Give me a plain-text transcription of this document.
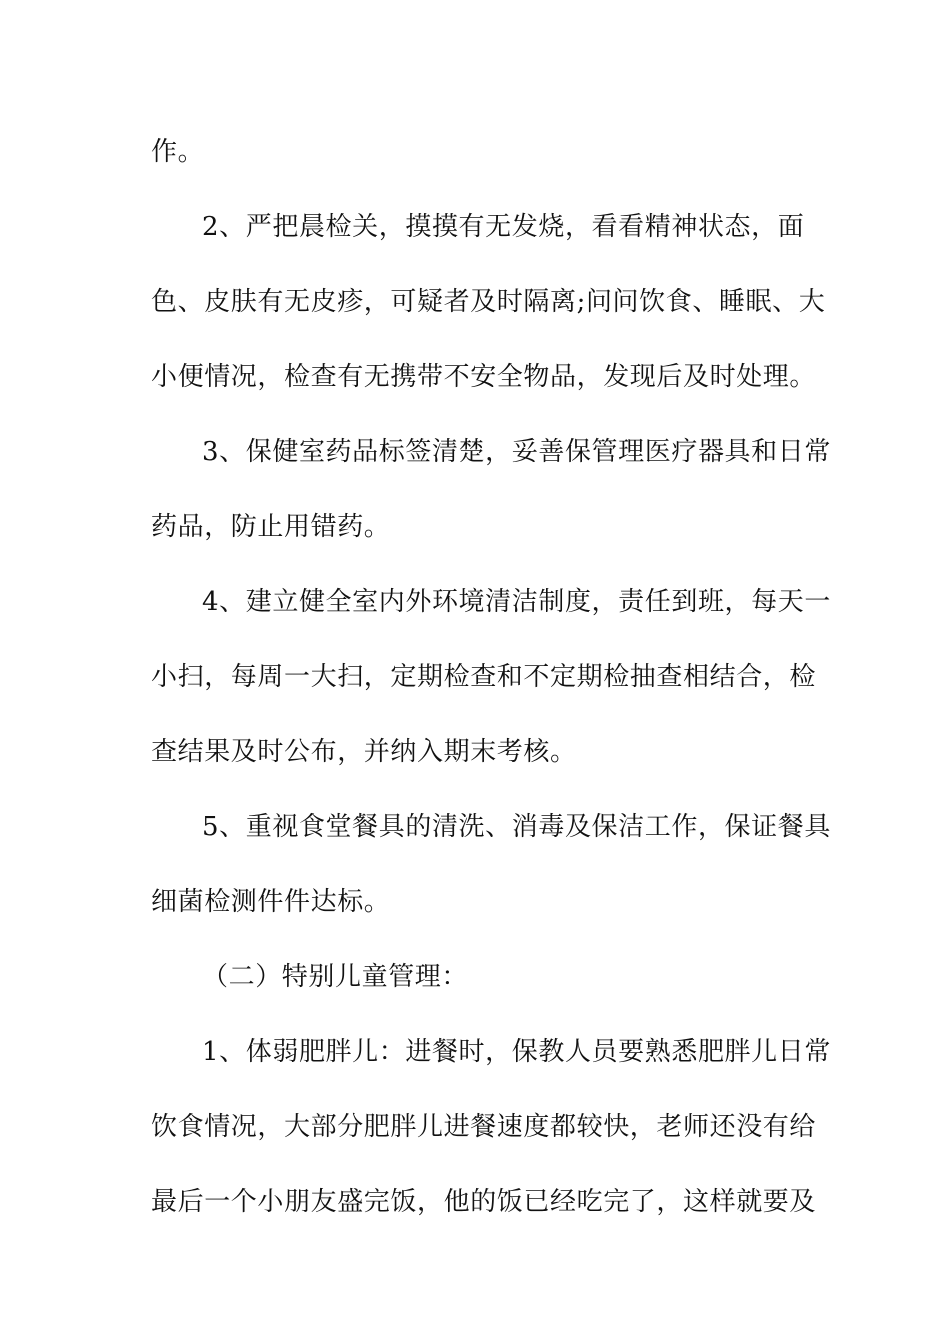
作。
2、严把晨检关，摸摸有无发烧，看看精神状态，面
色、皮肤有无皮疹，可疑者及时隔离;问问饮食、睡眠、大
小便情况，检查有无携带不安全物品，发现后及时处理。
3、保健室药品标签清楚，妥善保管理医疗器具和日常
药品，防止用错药。
4、建立健全室内外环境清洁制度，责任到班，每天一
小扫，每周一大扫，定期检查和不定期检抽查相结合，检
查结果及时公布，并纳入期末考核。
5、重视食堂餐具的清洗、消毒及保洁工作，保证餐具
细菌检测件件达标。
（二）特别儿童管理：
1、体弱肥胖儿：进餐时，保教人员要熟悉肥胖儿日常
饮食情况，大部分肥胖儿进餐速度都较快，老师还没有给
最后一个小朋友盛完饭，他的饭已经吃完了，这样就要及
